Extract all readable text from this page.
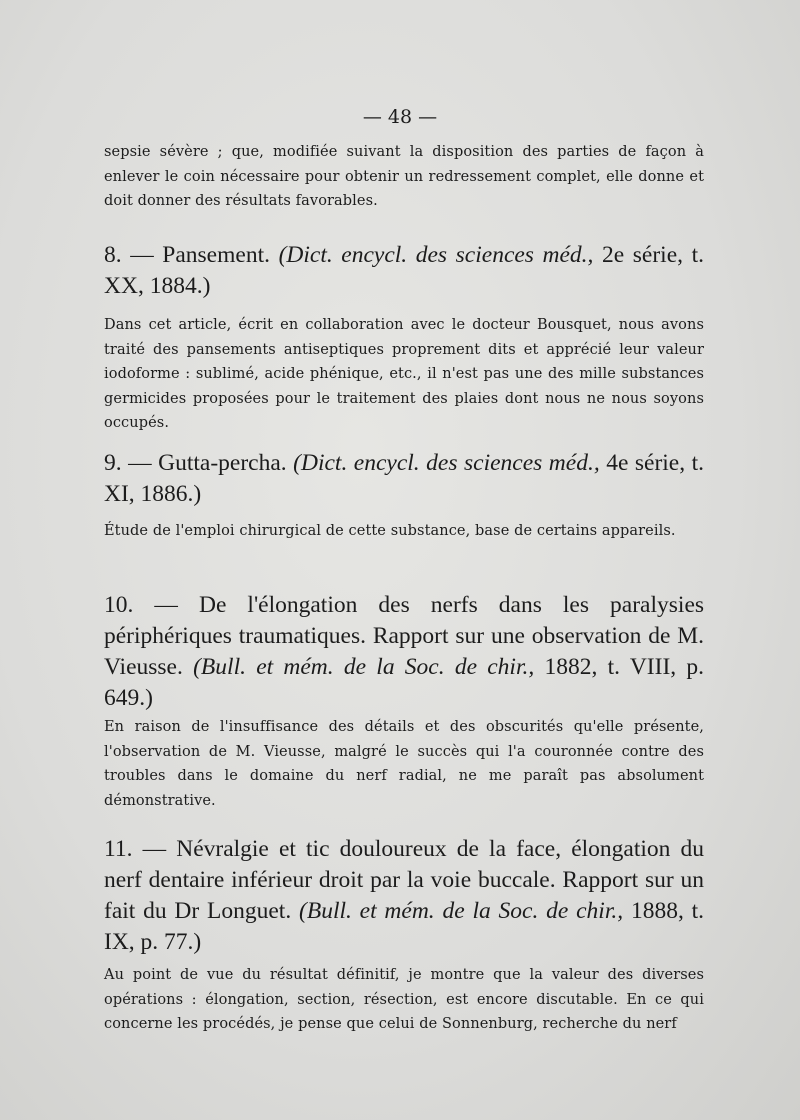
— 48 —
sepsie sévère ; que, modifiée suivant la disposition des parties de façon à enlever le coin nécessaire pour obtenir un redressement complet, elle donne et doit donner des résultats favorables.
8. — Pansement. (Dict. encycl. des sciences méd., 2e série, t. XX, 1884.)
Dans cet article, écrit en collaboration avec le docteur Bousquet, nous avons traité des pansements antiseptiques proprement dits et apprécié leur valeur iodoforme : sublimé, acide phénique, etc., il n'est pas une des mille substances germicides proposées pour le traitement des plaies dont nous ne nous soyons occupés.
9. — Gutta-percha. (Dict. encycl. des sciences méd., 4e série, t. XI, 1886.)
Étude de l'emploi chirurgical de cette substance, base de certains appareils.
10. — De l'élongation des nerfs dans les paralysies périphériques traumatiques. Rapport sur une observation de M. Vieusse. (Bull. et mém. de la Soc. de chir., 1882, t. VIII, p. 649.)
En raison de l'insuffisance des détails et des obscurités qu'elle présente, l'observation de M. Vieusse, malgré le succès qui l'a couronnée contre des troubles dans le domaine du nerf radial, ne me paraît pas absolument démonstrative.
11. — Névralgie et tic douloureux de la face, élongation du nerf dentaire inférieur droit par la voie buccale. Rapport sur un fait du Dr Longuet. (Bull. et mém. de la Soc. de chir., 1888, t. IX, p. 77.)
Au point de vue du résultat définitif, je montre que la valeur des diverses opérations : élongation, section, résection, est encore discutable. En ce qui concerne les procédés, je pense que celui de Sonnenburg, recherche du nerf
